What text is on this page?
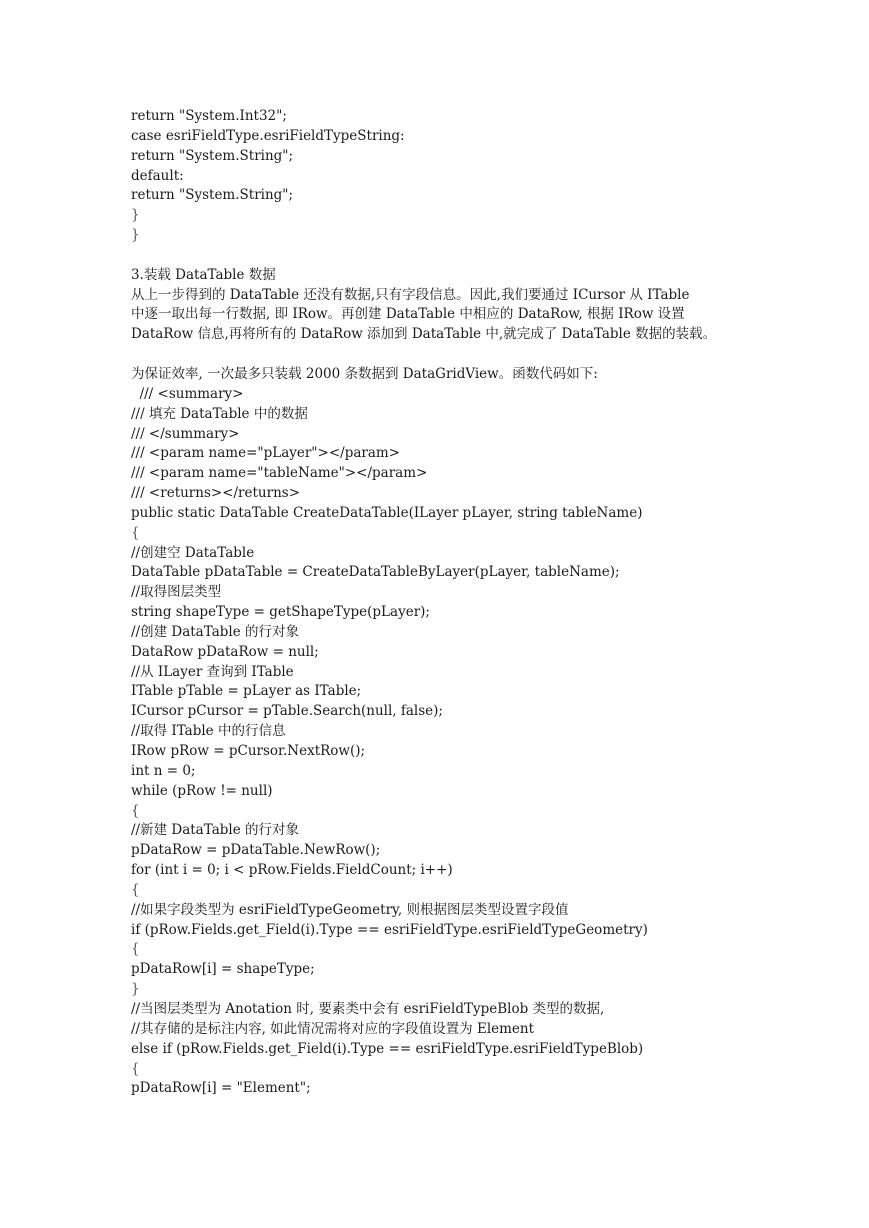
return "System.Int32";
case esriFieldType.esriFieldTypeString:
return "System.String";
default:
return "System.String";
}
}
3.装载 DataTable 数据
从上一步得到的 DataTable 还没有数据,只有字段信息。因此,我们要通过 ICursor 从 ITable
中逐一取出每一行数据, 即 IRow。再创建 DataTable 中相应的 DataRow, 根据 IRow 设置
DataRow 信息,再将所有的 DataRow 添加到 DataTable 中,就完成了 DataTable 数据的装载。
为保证效率, 一次最多只装载 2000 条数据到 DataGridView。函数代码如下:
/// <summary>
/// 填充 DataTable 中的数据
/// </summary>
/// <param name="pLayer"></param>
/// <param name="tableName"></param>
/// <returns></returns>
public static DataTable CreateDataTable(ILayer pLayer, string tableName)
{
//创建空 DataTable
DataTable pDataTable = CreateDataTableByLayer(pLayer, tableName);
//取得图层类型
string shapeType = getShapeType(pLayer);
//创建 DataTable 的行对象
DataRow pDataRow = null;
//从 ILayer 查询到 ITable
ITable pTable = pLayer as ITable;
ICursor pCursor = pTable.Search(null, false);
//取得 ITable 中的行信息
IRow pRow = pCursor.NextRow();
int n = 0;
while (pRow != null)
{
//新建 DataTable 的行对象
pDataRow = pDataTable.NewRow();
for (int i = 0; i < pRow.Fields.FieldCount; i++)
{
//如果字段类型为 esriFieldTypeGeometry, 则根据图层类型设置字段值
if (pRow.Fields.get_Field(i).Type == esriFieldType.esriFieldTypeGeometry)
{
pDataRow[i] = shapeType;
}
//当图层类型为 Anotation 时, 要素类中会有 esriFieldTypeBlob 类型的数据,
//其存储的是标注内容, 如此情况需将对应的字段值设置为 Element
else if (pRow.Fields.get_Field(i).Type == esriFieldType.esriFieldTypeBlob)
{
pDataRow[i] = "Element";
